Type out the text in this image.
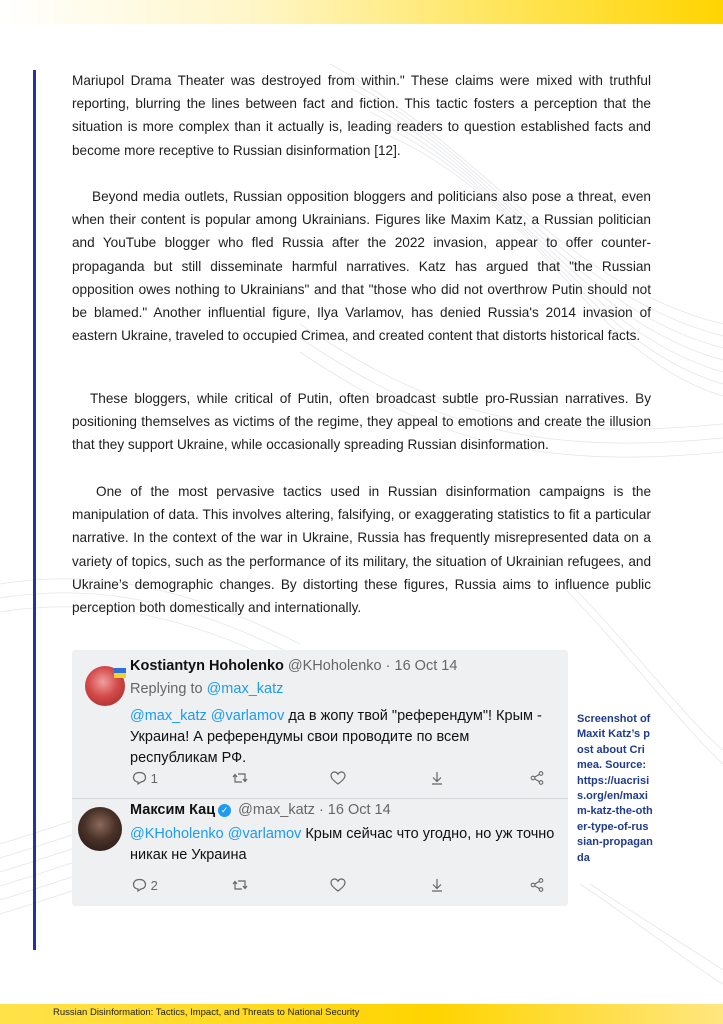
Mariupol Drama Theater was destroyed from within." These claims were mixed with truthful reporting, blurring the lines between fact and fiction. This tactic fosters a perception that the situation is more complex than it actually is, leading readers to question established facts and become more receptive to Russian disinformation [12].

Beyond media outlets, Russian opposition bloggers and politicians also pose a threat, even when their content is popular among Ukrainians. Figures like Maxim Katz, a Russian politician and YouTube blogger who fled Russia after the 2022 invasion, appear to offer counter-propaganda but still disseminate harmful narratives. Katz has argued that "the Russian opposition owes nothing to Ukrainians" and that "those who did not overthrow Putin should not be blamed." Another influential figure, Ilya Varlamov, has denied Russia's 2014 invasion of eastern Ukraine, traveled to occupied Crimea, and created content that distorts historical facts.

These bloggers, while critical of Putin, often broadcast subtle pro-Russian narratives. By positioning themselves as victims of the regime, they appeal to emotions and create the illusion that they support Ukraine, while occasionally spreading Russian disinformation.

One of the most pervasive tactics used in Russian disinformation campaigns is the manipulation of data. This involves altering, falsifying, or exaggerating statistics to fit a particular narrative. In the context of the war in Ukraine, Russia has frequently misrepresented data on a variety of topics, such as the performance of its military, the situation of Ukrainian refugees, and Ukraine’s demographic changes. By distorting these figures, Russia aims to influence public perception both domestically and internationally.

Kostiantyn Hoholenko @KHoholenko · 16 Oct 14
Replying to @max_katz
@max_katz @varlamov да в жопу твой "референдум"! Крым - Украина! А референдумы свои проводите по всем республикам РФ.
1
Максим Кац ✓ @max_katz · 16 Oct 14
@KHoholenko @varlamov Крым сейчас что угодно, но уж точно никак не Украина
2
Screenshot of Maxit Katz’s post about Crimea. Source: https://uacrisis.org/en/maxim-katz-the-other-type-of-russian-propaganda
Russian Disinformation: Tactics, Impact, and Threats to National Security
